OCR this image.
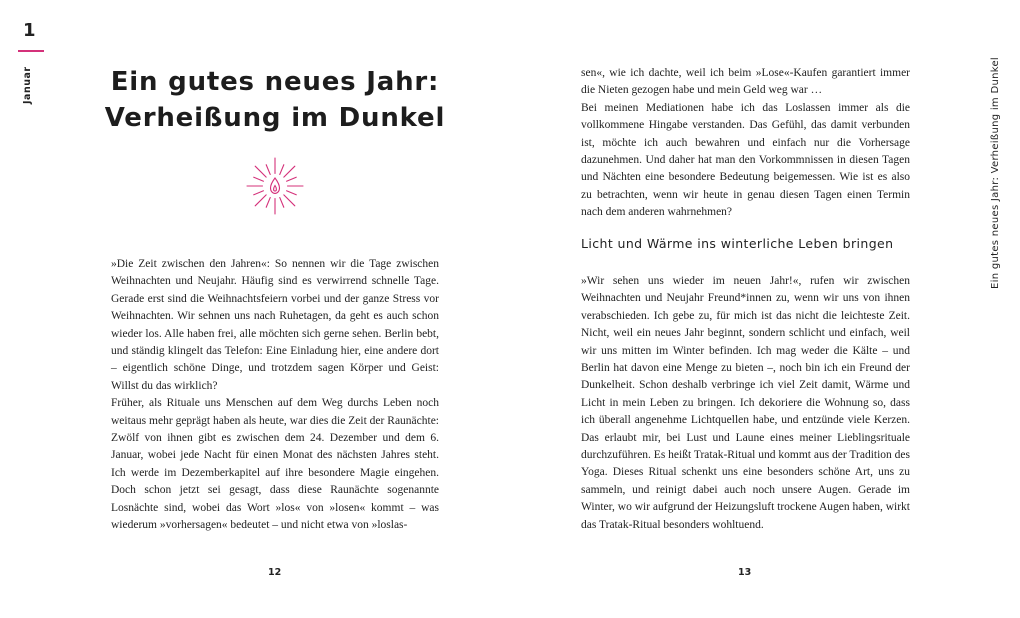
1
Januar	Ein gutes neues Jahr:
Verheißung im Dunkel

»Die Zeit zwischen den Jahren«: So nennen wir die Tage zwischen Weihnachten und Neujahr. Häufig sind es verwirrend schnelle Tage. Gerade erst sind die Weihnachtsfeiern vorbei und der ganze Stress vor Weihnachten. Wir sehnen uns nach Ruhetagen, da geht es auch schon wieder los. Alle haben frei, alle möchten sich gerne sehen. Berlin bebt, und ständig klingelt das Telefon: Eine Einladung hier, eine andere dort – eigentlich schöne Dinge, und trotzdem sagen Körper und Geist: Willst du das wirklich?

Früher, als Rituale uns Menschen auf dem Weg durchs Leben noch weitaus mehr geprägt haben als heute, war dies die Zeit der Raunächte: Zwölf von ihnen gibt es zwischen dem 24. Dezember und dem 6. Januar, wobei jede Nacht für einen Monat des nächsten Jahres steht. Ich werde im Dezemberkapitel auf ihre besondere Magie eingehen. Doch schon jetzt sei gesagt, dass diese Raunächte sogenannte Losnächte sind, wobei das Wort »los« von »losen« kommt – was wiederum »vorhersagen« bedeutet – und nicht etwa von »loslas-

12

sen«, wie ich dachte, weil ich beim »Lose«-Kaufen garantiert immer die Nieten gezogen habe und mein Geld weg war …

Bei meinen Mediationen habe ich das Loslassen immer als die vollkommene Hingabe verstanden. Das Gefühl, das damit verbunden ist, möchte ich auch bewahren und einfach nur die Vorhersage dazunehmen. Und daher hat man den Vorkommnissen in diesen Tagen und Nächten eine besondere Bedeutung beigemessen. Wie ist es also zu betrachten, wenn wir heute in genau diesen Tagen einen Termin nach dem anderen wahrnehmen?

Licht und Wärme ins winterliche Leben bringen

»Wir sehen uns wieder im neuen Jahr!«, rufen wir zwischen Weihnachten und Neujahr Freund*innen zu, wenn wir uns von ihnen verabschieden. Ich gebe zu, für mich ist das nicht die leichteste Zeit. Nicht, weil ein neues Jahr beginnt, sondern schlicht und einfach, weil wir uns mitten im Winter befinden. Ich mag weder die Kälte – und Berlin hat davon eine Menge zu bieten –, noch bin ich ein Freund der Dunkelheit. Schon deshalb verbringe ich viel Zeit damit, Wärme und Licht in mein Leben zu bringen. Ich dekoriere die Wohnung so, dass ich überall angenehme Lichtquellen habe, und entzünde viele Kerzen. Das erlaubt mir, bei Lust und Laune eines meiner Lieblingsrituale durchzuführen. Es heißt Tratak-Ritual und kommt aus der Tradition des Yoga. Dieses Ritual schenkt uns eine besonders schöne Art, uns zu sammeln, und reinigt dabei auch noch unsere Augen. Gerade im Winter, wo wir aufgrund der Heizungsluft trockene Augen haben, wirkt das Tratak-Ritual besonders wohltuend.

13
Ein gutes neues Jahr: Verheißung im Dunkel
